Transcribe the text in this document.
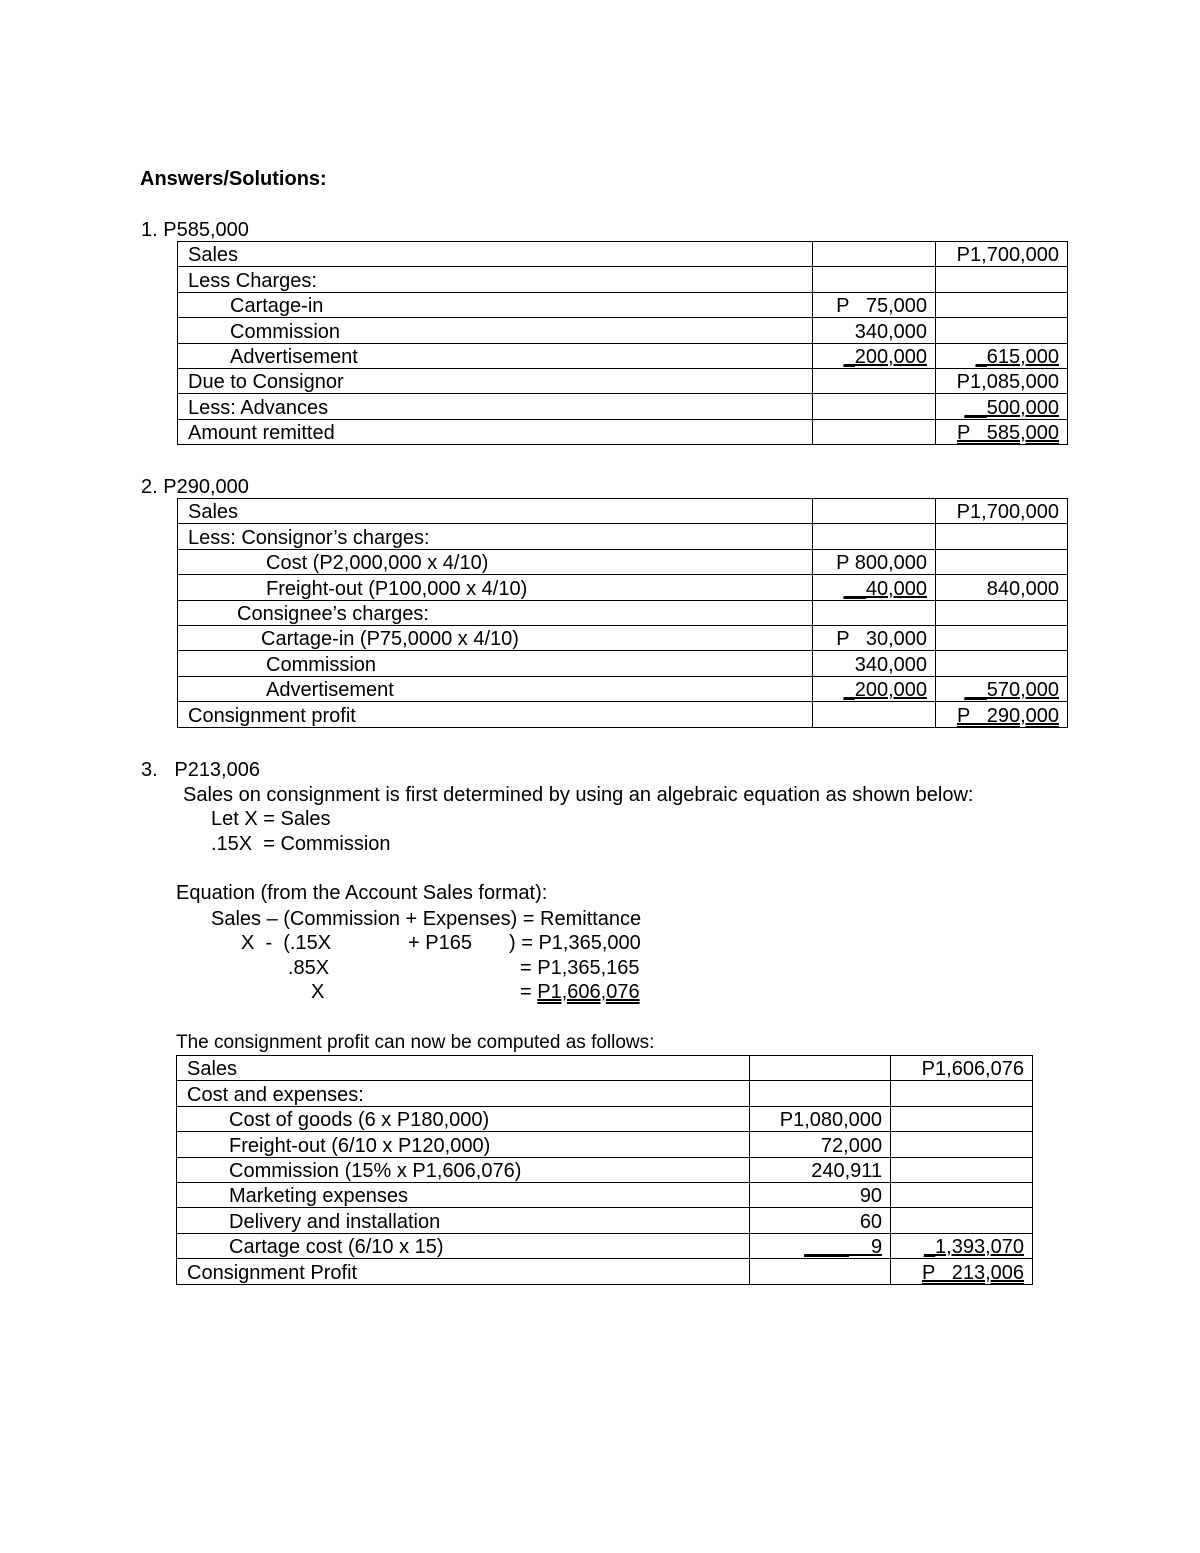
Answers/Solutions:
1. P585,000
Sales		P1,700,000
Less Charges:		
Cartage-in	P   75,000	
Commission	340,000	
Advertisement	_200,000	_615,000
Due to Consignor		P1,085,000
Less: Advances		__500,000
Amount remitted		P   585,000
2. P290,000
Sales		P1,700,000
Less: Consignor’s charges:		
Cost (P2,000,000 x 4/10)	P 800,000	
Freight-out (P100,000 x 4/10)	__40,000	840,000
Consignee’s charges:		
Cartage-in (P75,0000 x 4/10)	P   30,000	
Commission	340,000	
Advertisement	_200,000	__570,000
Consignment profit		P   290,000
3.   P213,006
Sales on consignment is first determined by using an algebraic equation as shown below:
Let X = Sales
.15X  = Commission
Equation (from the Account Sales format):
Sales – (Commission + Expenses) = Remittance
X  -  (.15X	+ P165 ) = P1,365,000
.85X	= P1,365,165
X	= P1,606,076
The consignment profit can now be computed as follows:
Sales		P1,606,076
Cost and expenses:		
Cost of goods (6 x P180,000)	P1,080,000	
Freight-out (6/10 x P120,000)	72,000	
Commission (15% x P1,606,076)	240,911	
Marketing expenses	90	
Delivery and installation	60	
Cartage cost (6/10 x 15)	____    9	_1,393,070
Consignment Profit		P   213,006
